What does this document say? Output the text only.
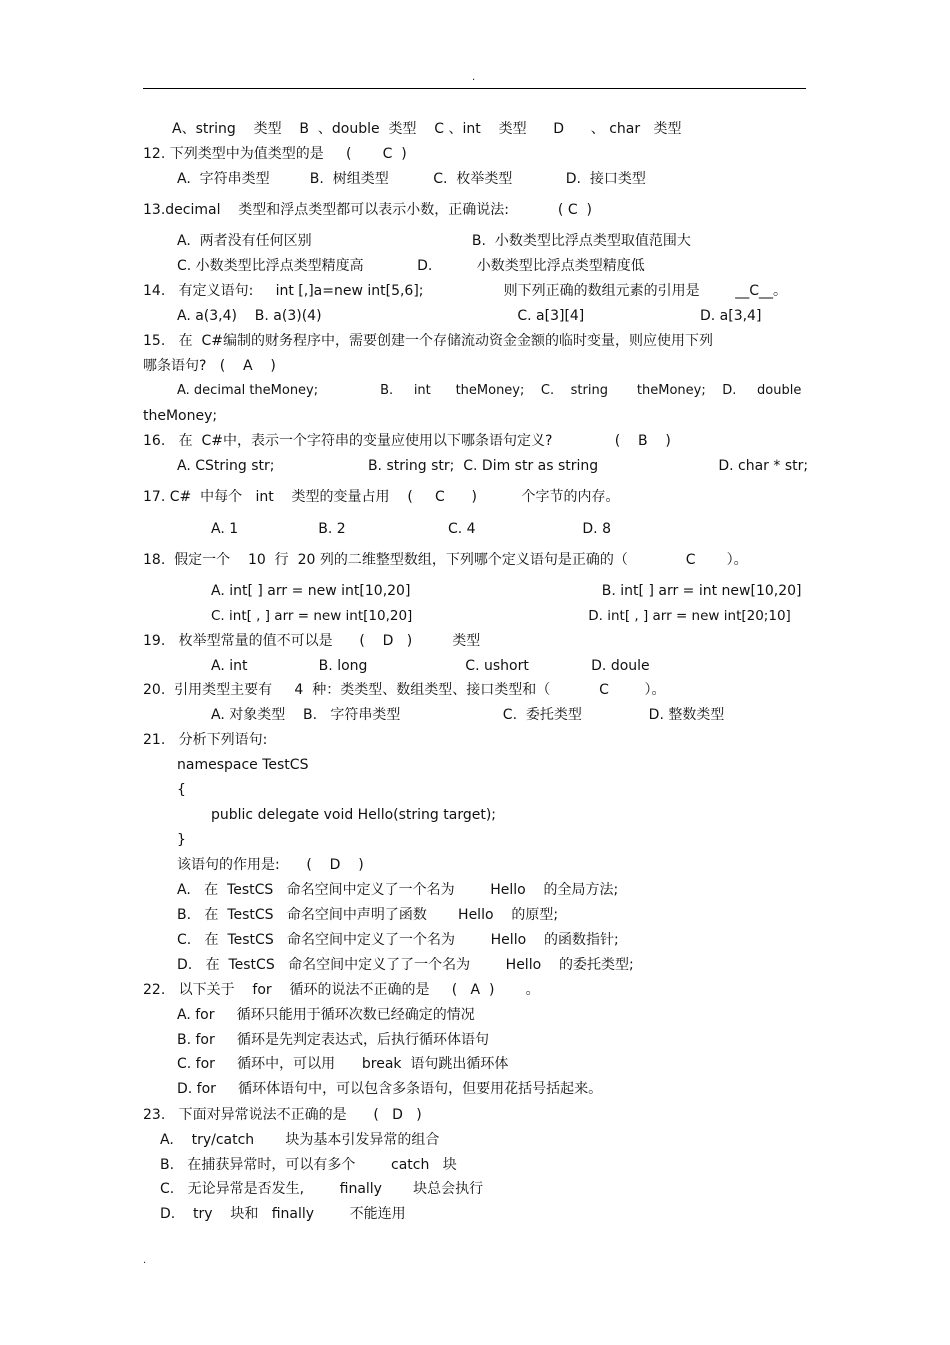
.
A、string    类型    B  、double  类型    C 、int    类型      D      、 char   类型
12. 下列类型中为值类型的是     (       C  )
A.  字符串类型         B.  树组类型          C.  枚举类型            D.  接口类型
13.decimal    类型和浮点类型都可以表示小数，正确说法:           ( C  )
A.  两者没有任何区别                                    B.  小数类型比浮点类型取值范围大
C. 小数类型比浮点类型精度高            D.          小数类型比浮点类型精度低
14.   有定义语句:     int [,]a=new int[5,6];                  则下列正确的数组元素的引用是        __C__。
A. a(3,4)    B. a(3)(4)                                            C. a[3][4]                          D. a[3,4]
15.   在  C#编制的财务程序中，需要创建一个存储流动资金金额的临时变量，则应使用下列
哪条语句?   (    A    )
A. decimal theMoney;               B.     int      theMoney;    C.    string       theMoney;    D.     double
theMoney;
16.   在  C#中，表示一个字符串的变量应使用以下哪条语句定义?              (    B    )
A. CString str;                     B. string str;  C. Dim str as string                           D. char * str;
17. C#  中每个   int    类型的变量占用    (     C      )          个字节的内存。
A. 1                  B. 2                       C. 4                        D. 8
18.  假定一个    10  行  20 列的二维整型数组，下列哪个定义语句是正确的（             C       ）。
A. int[ ] arr = new int[10,20]                                           B. int[ ] arr = int new[10,20]
C. int[ , ] arr = new int[10,20]                                         D. int[ , ] arr = new int[20;10]
19.   枚举型常量的值不可以是      (    D   )         类型
A. int                B. long                      C. ushort              D. doule
20.  引用类型主要有     4  种：类类型、数组类型、接口类型和（           C        ）。
A. 对象类型    B.   字符串类型                       C.  委托类型               D. 整数类型
21.   分析下列语句:
namespace TestCS
{
public delegate void Hello(string target);
}
该语句的作用是:      (    D    )
A.   在  TestCS   命名空间中定义了一个名为        Hello    的全局方法;
B.   在  TestCS   命名空间中声明了函数       Hello    的原型;
C.   在  TestCS   命名空间中定义了一个名为        Hello    的函数指针;
D.   在  TestCS   命名空间中定义了了一个名为        Hello    的委托类型;
22.   以下关于    for    循环的说法不正确的是     (   A  )       。
A. for     循环只能用于循环次数已经确定的情况
B. for     循环是先判定表达式，后执行循环体语句
C. for     循环中，可以用      break  语句跳出循环体
D. for     循环体语句中，可以包含多条语句，但要用花括号括起来。
23.   下面对异常说法不正确的是      (   D   )
A.    try/catch       块为基本引发异常的组合
B.   在捕获异常时，可以有多个        catch   块
C.   无论异常是否发生,        finally       块总会执行
D.    try    块和   finally        不能连用
.
